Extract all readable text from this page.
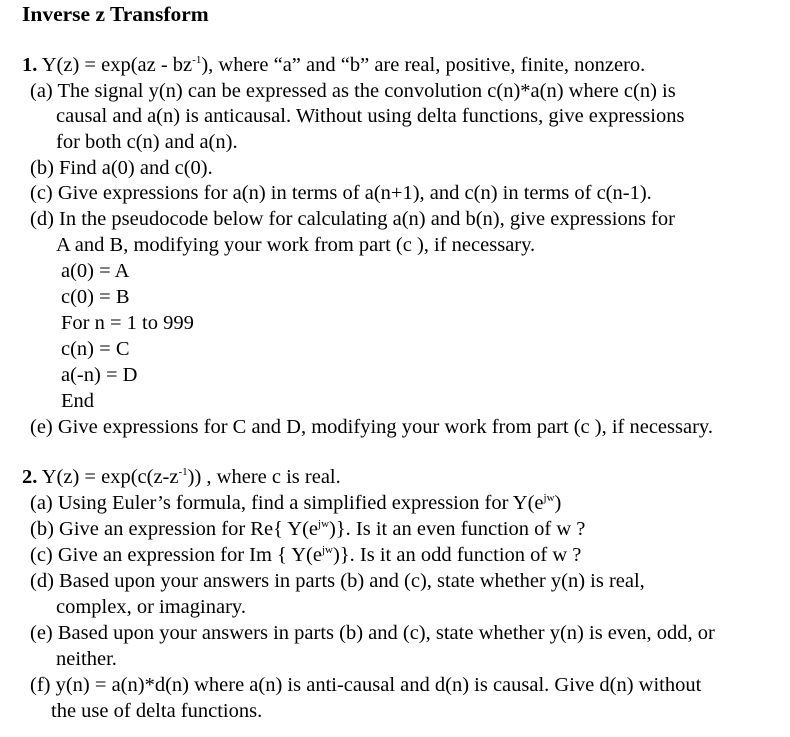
Inverse z Transform
1. $Y(z) = \exp(az - bz^{-1})$, where “a” and “b” are real, positive, finite, nonzero.
(a) The signal y(n) can be expressed as the convolution c(n)*a(n) where c(n) is
causal and a(n) is anticausal. Without using delta functions, give expressions
for both c(n) and a(n).
(b) Find a(0) and c(0).
(c) Give expressions for a(n) in terms of a(n+1), and c(n) in terms of c(n-1).
(d) In the pseudocode below for calculating a(n) and b(n), give expressions for
A and B, modifying your work from part (c ), if necessary.
a(0) = A
c(0) = B
For n = 1 to 999
c(n) = C
a(-n) = D
End
(e) Give expressions for C and D, modifying your work from part (c ), if necessary.
2. $Y(z) = \exp(c(z-z^{-1}))$ , where c is real.
(a) Using Euler’s formula, find a simplified expression for $Y(e^{jw})$
(b) Give an expression for Re{ $Y(e^{jw})$}. Is it an even function of w ?
(c) Give an expression for Im { $Y(e^{jw})$}. Is it an odd function of w ?
(d) Based upon your answers in parts (b) and (c), state whether y(n) is real,
complex, or imaginary.
(e) Based upon your answers in parts (b) and (c), state whether y(n) is even, odd, or
neither.
(f) y(n) = a(n)*d(n) where a(n) is anti-causal and d(n) is causal. Give d(n) without
the use of delta functions.
